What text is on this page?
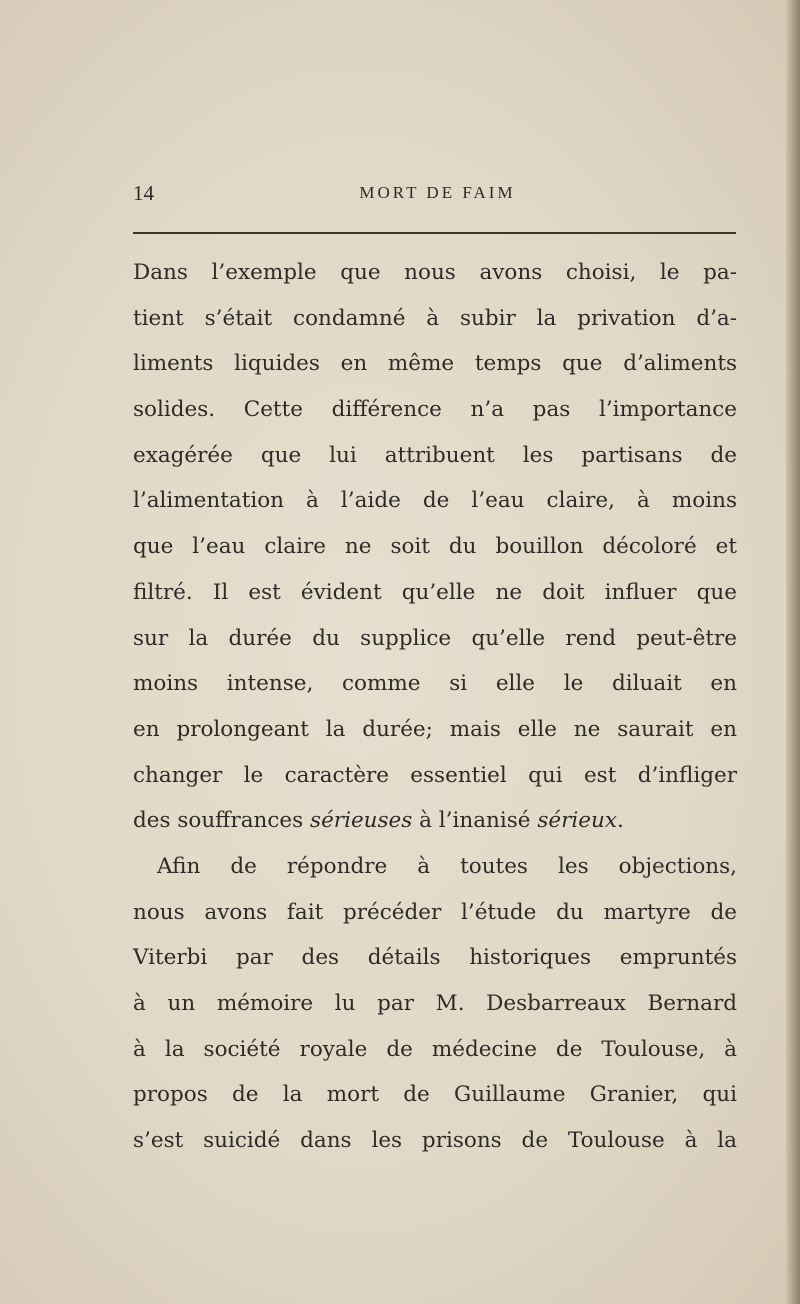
14	MORT DE FAIM
Dans l’exemple que nous avons choisi, le pa-
tient s’était condamné à subir la privation d’a-
liments liquides en même temps que d’aliments
solides. Cette différence n’a pas l’importance
exagérée que lui attribuent les partisans de
l’alimentation à l’aide de l’eau claire, à moins
que l’eau claire ne soit du bouillon décoloré et
filtré. Il est évident qu’elle ne doit influer que
sur la durée du supplice qu’elle rend peut-être
moins intense, comme si elle le diluait en
en prolongeant la durée; mais elle ne saurait en
changer le caractère essentiel qui est d’infliger
des souffrances sérieuses à l’inanisé sérieux.
Afin de répondre à toutes les objections,
nous avons fait précéder l’étude du martyre de
Viterbi par des détails historiques empruntés
à un mémoire lu par M. Desbarreaux Bernard
à la société royale de médecine de Toulouse, à
propos de la mort de Guillaume Granier, qui
s’est suicidé dans les prisons de Toulouse à la
